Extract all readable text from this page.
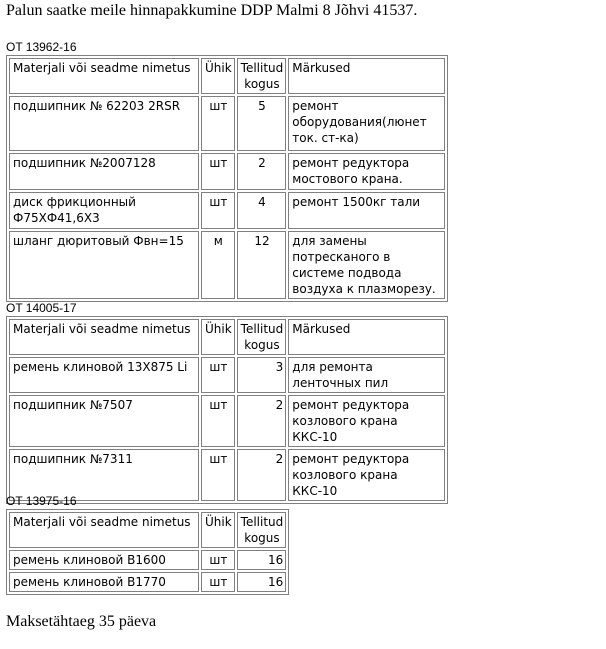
Palun saatke meile hinnapakkumine DDP Malmi 8 Jõhvi 41537.
OT 13962-16
Materjali või seadme nimetus	Ühik	Tellitud kogus	Märkused
подшипник № 62203 2RSR	шт	5	ремонт оборудования(люнет ток. ст-ка)
подшипник №2007128	шт	2	ремонт редуктора мостового крана.
диск фрикционный Ф75ХФ41,6Х3	шт	4	ремонт 1500кг тали
шланг дюритовый Фвн=15	м	12	для замены потресканого в системе подвода воздуха к плазморезу.
OT 14005-17
Materjali või seadme nimetus	Ühik	Tellitud kogus	Märkused
ремень клиновой 13Х875 Li	шт	3	для ремонта ленточных пил
подшипник №7507	шт	2	ремонт редуктора козлового крана ККС-10
подшипник №7311	шт	2	ремонт редуктора козлового крана ККС-10
OT 13975-16
Materjali või seadme nimetus	Ühik	Tellitud kogus
ремень клиновой В1600	шт	16
ремень клиновой В1770	шт	16
Maksetähtaeg 35 päeva
